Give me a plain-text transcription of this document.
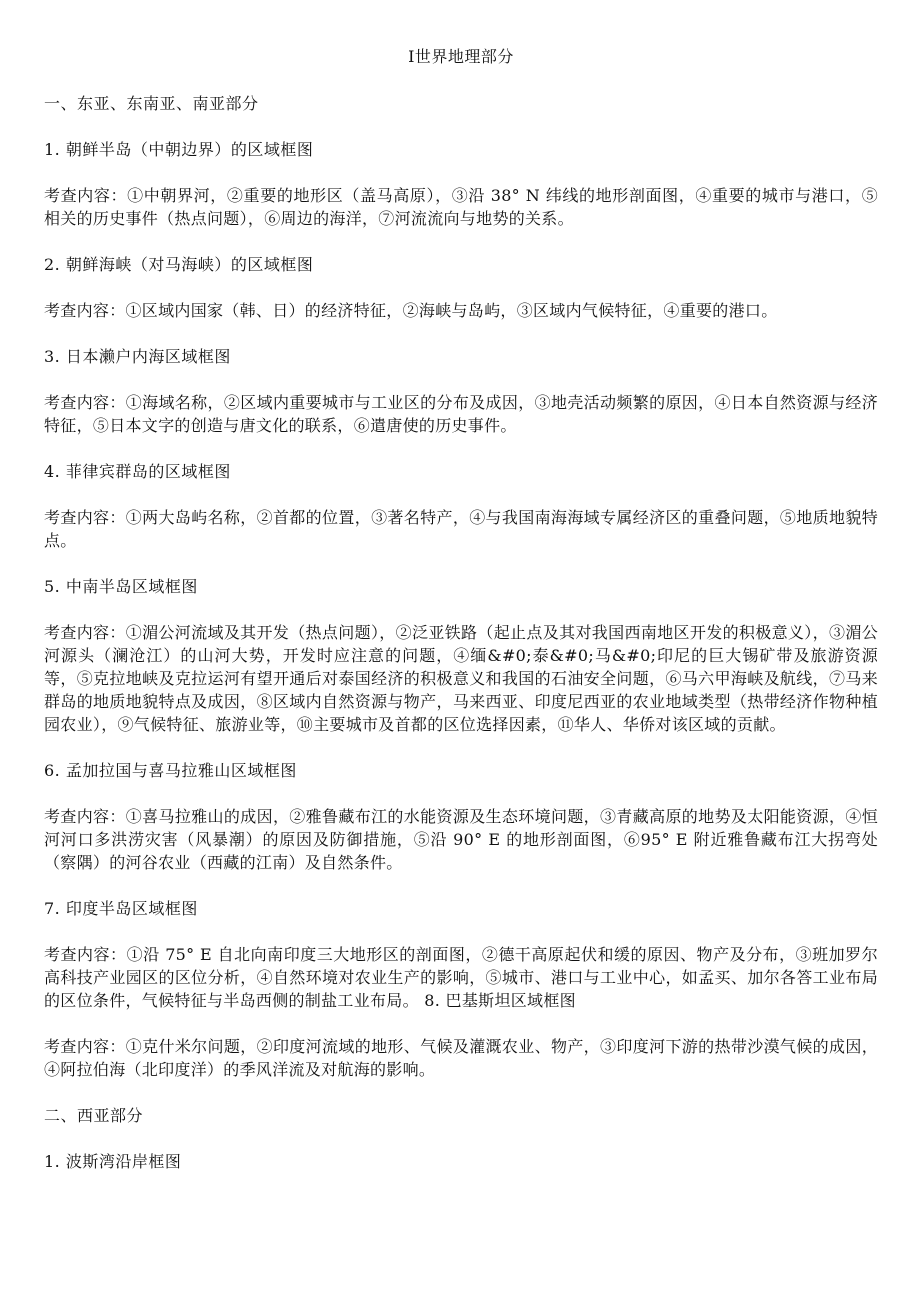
I世界地理部分
一、东亚、东南亚、南亚部分
1. 朝鲜半岛（中朝边界）的区域框图
考查内容：①中朝界河，②重要的地形区（盖马高原），③沿 38° N 纬线的地形剖面图，④重要的城市与港口，⑤相关的历史事件（热点问题），⑥周边的海洋，⑦河流流向与地势的关系。
2. 朝鲜海峡（对马海峡）的区域框图
考查内容：①区域内国家（韩、日）的经济特征，②海峡与岛屿，③区域内气候特征，④重要的港口。
3. 日本濑户内海区域框图
考查内容：①海域名称，②区域内重要城市与工业区的分布及成因，③地壳活动频繁的原因，④日本自然资源与经济特征，⑤日本文字的创造与唐文化的联系，⑥遣唐使的历史事件。
4. 菲律宾群岛的区域框图
考查内容：①两大岛屿名称，②首都的位置，③著名特产，④与我国南海海域专属经济区的重叠问题，⑤地质地貌特点。
5. 中南半岛区域框图
考查内容：①湄公河流域及其开发（热点问题），②泛亚铁路（起止点及其对我国西南地区开发的积极意义），③湄公河源头（澜沧江）的山河大势，开发时应注意的问题，④缅&#0;泰&#0;马&#0;印尼的巨大锡矿带及旅游资源等，⑤克拉地峡及克拉运河有望开通后对泰国经济的积极意义和我国的石油安全问题，⑥马六甲海峡及航线，⑦马来群岛的地质地貌特点及成因，⑧区域内自然资源与物产，马来西亚、印度尼西亚的农业地域类型（热带经济作物种植园农业），⑨气候特征、旅游业等，⑩主要城市及首都的区位选择因素，⑪华人、华侨对该区域的贡献。
6. 孟加拉国与喜马拉雅山区域框图
考查内容：①喜马拉雅山的成因，②雅鲁藏布江的水能资源及生态环境问题，③青藏高原的地势及太阳能资源，④恒河河口多洪涝灾害（风暴潮）的原因及防御措施，⑤沿 90° E 的地形剖面图，⑥95° E 附近雅鲁藏布江大拐弯处（察隅）的河谷农业（西藏的江南）及自然条件。
7. 印度半岛区域框图
考查内容：①沿 75° E 自北向南印度三大地形区的剖面图，②德干高原起伏和缓的原因、物产及分布，③班加罗尔高科技产业园区的区位分析，④自然环境对农业生产的影响，⑤城市、港口与工业中心，如孟买、加尔各答工业布局的区位条件，气候特征与半岛西侧的制盐工业布局。 8. 巴基斯坦区域框图
考查内容：①克什米尔问题，②印度河流域的地形、气候及灌溉农业、物产，③印度河下游的热带沙漠气候的成因，④阿拉伯海（北印度洋）的季风洋流及对航海的影响。
二、西亚部分
1. 波斯湾沿岸框图
